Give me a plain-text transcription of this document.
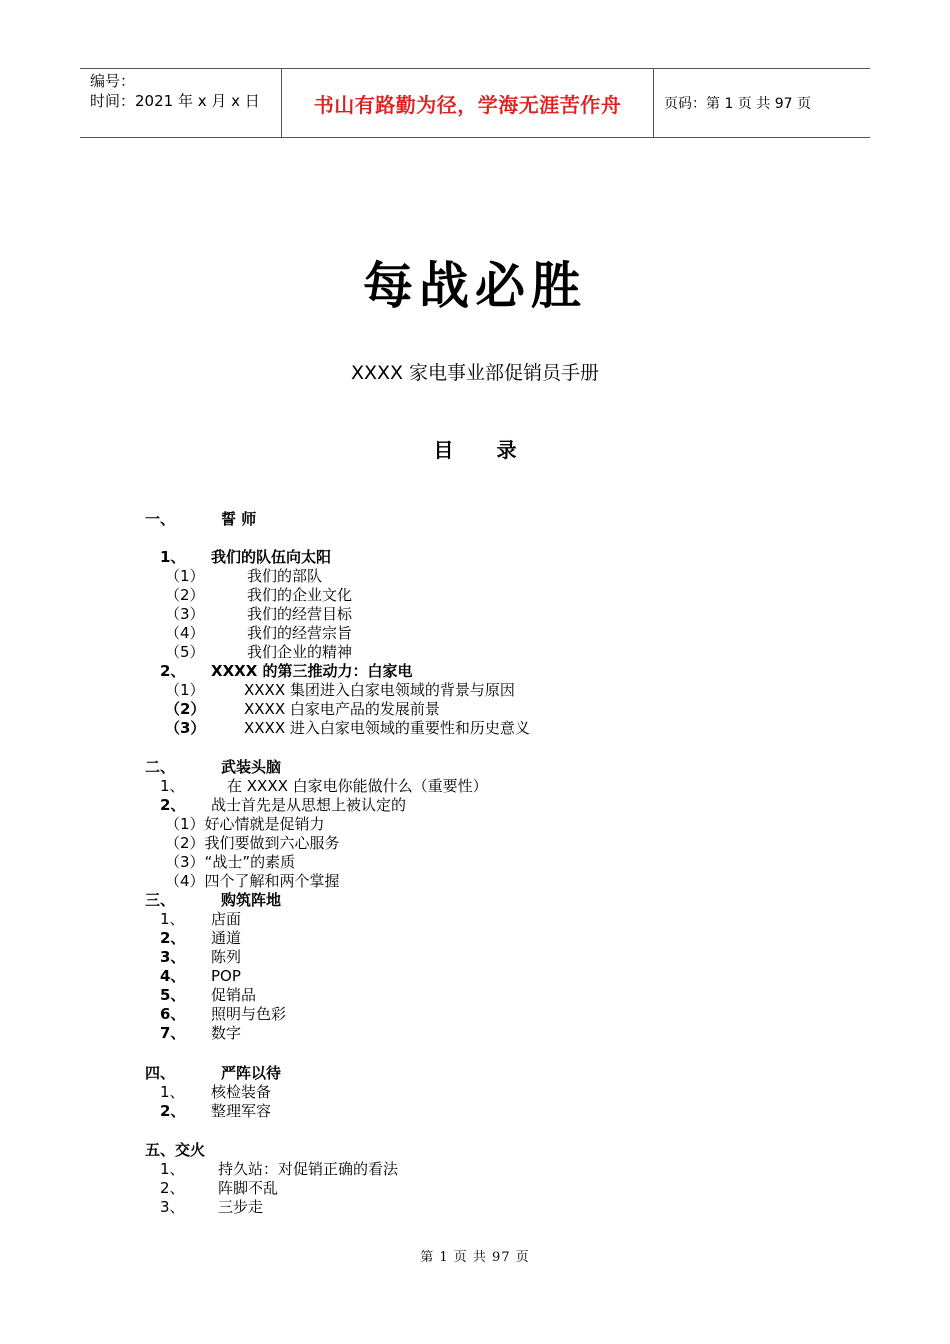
编号：
时间：2021 年 x 月 x 日	书山有路勤为径，学海无涯苦作舟	页码：第 1 页 共 97 页
每战必胜
XXXX 家电事业部促销员手册
目 录
一、	誓 师
1、 我们的队伍向太阳
（1）	我们的部队
（2）	我们的企业文化
（3）	我们的经营目标
（4）	我们的经营宗旨
（5）	我们企业的精神
2、 XXXX 的第三推动力：白家电
（1）	XXXX 集团进入白家电领域的背景与原因
（2）	XXXX 白家电产品的发展前景
（3）	XXXX 进入白家电领域的重要性和历史意义
二、	武装头脑
1、	在 XXXX 白家电你能做什么（重要性）
2、 战士首先是从思想上被认定的
（1）好心情就是促销力
（2）我们要做到六心服务
（3）“战士”的素质
（4）四个了解和两个掌握
三、	购筑阵地
1、 店面
2、 通道
3、 陈列
4、 POP
5、 促销品
6、 照明与色彩
7、 数字
四、	严阵以待
1、 核检装备
2、 整理军容
五、交火
1、 持久站：对促销正确的看法
2、 阵脚不乱
3、 三步走
第 1 页 共 97 页
